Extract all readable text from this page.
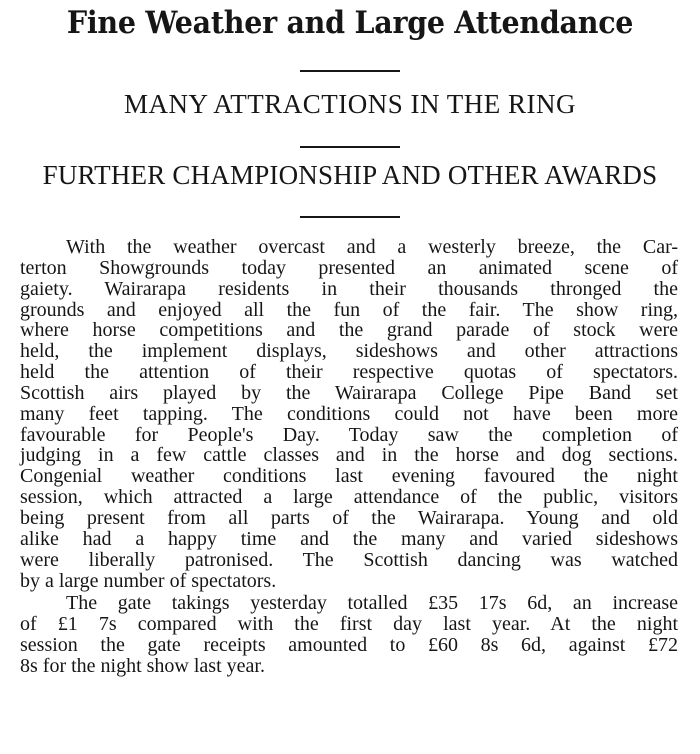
Fine Weather and Large Attendance
MANY ATTRACTIONS IN THE RING
FURTHER CHAMPIONSHIP AND OTHER AWARDS
With the weather overcast and a westerly breeze, the Car-
terton Showgrounds today presented an animated scene of
gaiety. Wairarapa residents in their thousands thronged the
grounds and enjoyed all the fun of the fair. The show ring,
where horse competitions and the grand parade of stock were
held, the implement displays, sideshows and other attractions
held the attention of their respective quotas of spectators.
Scottish airs played by the Wairarapa College Pipe Band set
many feet tapping. The conditions could not have been more
favourable for People's Day. Today saw the completion of
judging in a few cattle classes and in the horse and dog sections.
Congenial weather conditions last evening favoured the night
session, which attracted a large attendance of the public, visitors
being present from all parts of the Wairarapa. Young and old
alike had a happy time and the many and varied sideshows
were liberally patronised. The Scottish dancing was watched
by a large number of spectators.
The gate takings yesterday totalled £35 17s 6d, an increase
of £1 7s compared with the first day last year. At the night
session the gate receipts amounted to £60 8s 6d, against £72
8s for the night show last year.
